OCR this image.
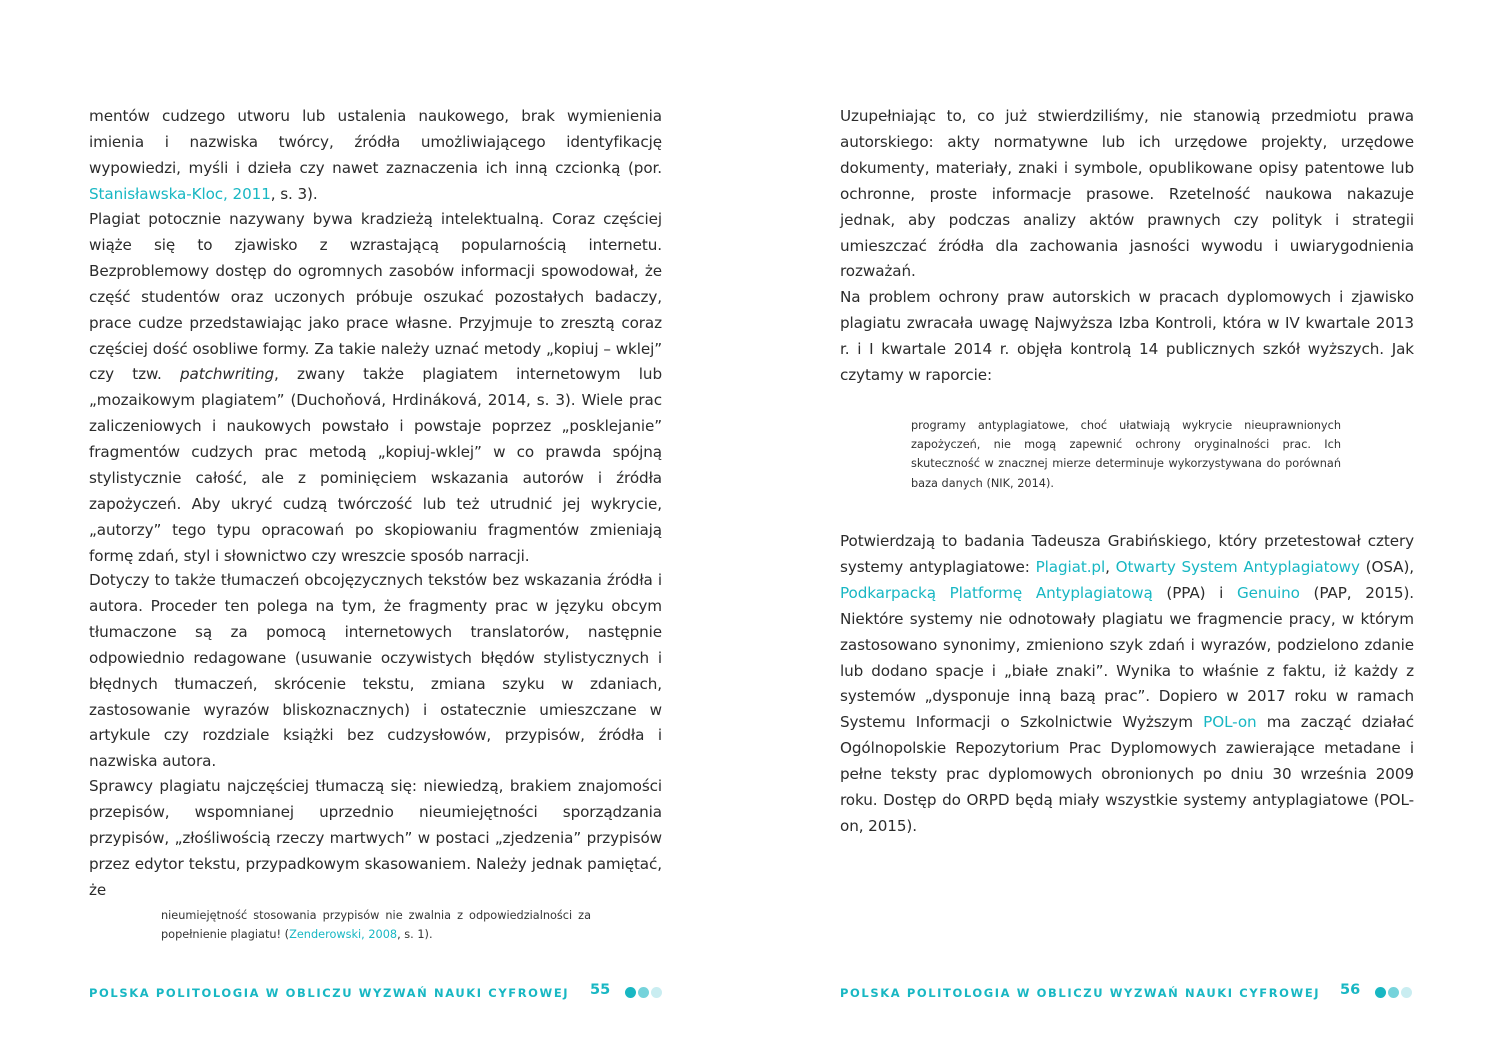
mentów cudzego utworu lub ustalenia naukowego, brak wymienienia imienia i nazwiska twórcy, źródła umożliwiającego identyfikację wypowiedzi, myśli i dzieła czy nawet zaznaczenia ich inną czcionką (por. Stanisławska-Kloc, 2011, s. 3).

Plagiat potocznie nazywany bywa kradzieżą intelektualną. Coraz częściej wiąże się to zjawisko z wzrastającą popularnością internetu. Bezproblemowy dostęp do ogromnych zasobów informacji spowodował, że część studentów oraz uczonych próbuje oszukać pozostałych badaczy, prace cudze przedstawiając jako prace własne. Przyjmuje to zresztą coraz częściej dość osobliwe formy. Za takie należy uznać metody „kopiuj – wklej” czy tzw. patchwriting, zwany także plagiatem internetowym lub „mozaikowym plagiatem” (Duchoňová, Hrdináková, 2014, s. 3). Wiele prac zaliczeniowych i naukowych powstało i powstaje poprzez „posklejanie” fragmentów cudzych prac metodą „kopiuj-wklej” w co prawda spójną stylistycznie całość, ale z pominięciem wskazania autorów i źródła zapożyczeń. Aby ukryć cudzą twórczość lub też utrudnić jej wykrycie, „autorzy” tego typu opracowań po skopiowaniu fragmentów zmieniają formę zdań, styl i słownictwo czy wreszcie sposób narracji.

Dotyczy to także tłumaczeń obcojęzycznych tekstów bez wskazania źródła i autora. Proceder ten polega na tym, że fragmenty prac w języku obcym tłumaczone są za pomocą internetowych translatorów, następnie odpowiednio redagowane (usuwanie oczywistych błędów stylistycznych i błędnych tłumaczeń, skrócenie tekstu, zmiana szyku w zdaniach, zastosowanie wyrazów bliskoznacznych) i ostatecznie umieszczane w artykule czy rozdziale książki bez cudzysłowów, przypisów, źródła i nazwiska autora.

Sprawcy plagiatu najczęściej tłumaczą się: niewiedzą, brakiem znajomości przepisów, wspomnianej uprzednio nieumiejętności sporządzania przypisów, „złośliwością rzeczy martwych” w postaci „zjedzenia” przypisów przez edytor tekstu, przypadkowym skasowaniem. Należy jednak pamiętać, że

nieumiejętność stosowania przypisów nie zwalnia z odpowiedzialności za popełnienie plagiatu! (Zenderowski, 2008, s. 1).

POLSKA POLITOLOGIA W OBLICZU WYZWAŃ NAUKI CYFROWEJ 55

Uzupełniając to, co już stwierdziliśmy, nie stanowią przedmiotu prawa autorskiego: akty normatywne lub ich urzędowe projekty, urzędowe dokumenty, materiały, znaki i symbole, opublikowane opisy patentowe lub ochronne, proste informacje prasowe. Rzetelność naukowa nakazuje jednak, aby podczas analizy aktów prawnych czy polityk i strategii umieszczać źródła dla zachowania jasności wywodu i uwiarygodnienia rozważań.

Na problem ochrony praw autorskich w pracach dyplomowych i zjawisko plagiatu zwracała uwagę Najwyższa Izba Kontroli, która w IV kwartale 2013 r. i I kwartale 2014 r. objęła kontrolą 14 publicznych szkół wyższych. Jak czytamy w raporcie:

programy antyplagiatowe, choć ułatwiają wykrycie nieuprawnionych zapożyczeń, nie mogą zapewnić ochrony oryginalności prac. Ich skuteczność w znacznej mierze determinuje wykorzystywana do porównań baza danych (NIK, 2014).

Potwierdzają to badania Tadeusza Grabińskiego, który przetestował cztery systemy antyplagiatowe: Plagiat.pl, Otwarty System Antyplagiatowy (OSA), Podkarpacką Platformę Antyplagiatową (PPA) i Genuino (PAP, 2015). Niektóre systemy nie odnotowały plagiatu we fragmencie pracy, w którym zastosowano synonimy, zmieniono szyk zdań i wyrazów, podzielono zdanie lub dodano spacje i „białe znaki”. Wynika to właśnie z faktu, iż każdy z systemów „dysponuje inną bazą prac”. Dopiero w 2017 roku w ramach Systemu Informacji o Szkolnictwie Wyższym POL-on ma zacząć działać Ogólnopolskie Repozytorium Prac Dyplomowych zawierające metadane i pełne teksty prac dyplomowych obronionych po dniu 30 września 2009 roku. Dostęp do ORPD będą miały wszystkie systemy antyplagiatowe (POL-on, 2015).

POLSKA POLITOLOGIA W OBLICZU WYZWAŃ NAUKI CYFROWEJ 56
